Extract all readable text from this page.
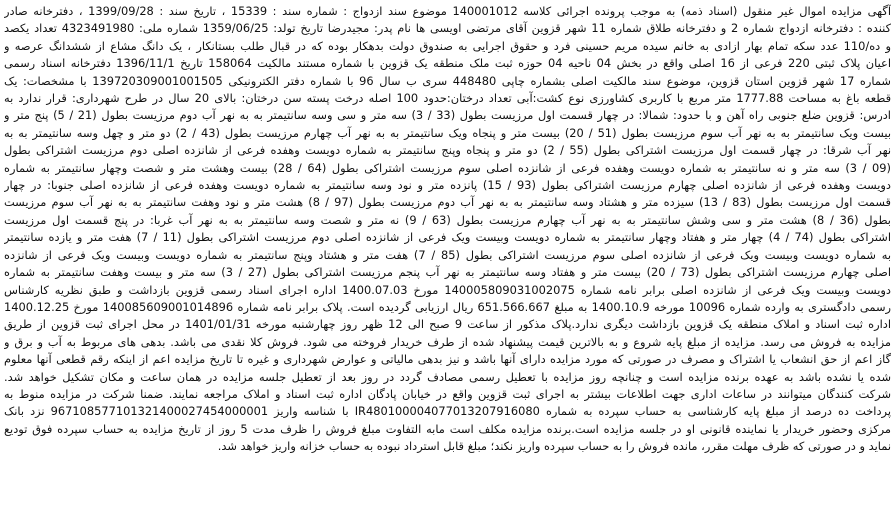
آگهی مزایده اموال غیر منقول (اسناد ذمه) به موجب پرونده اجرائی کلاسه 140001012 موضوع سند ازدواج : شماره سند : 15339 ، تاریخ سند : 1399/09/28 ، دفترخانه صادر
کننده : دفترخانه ازدواج شماره 2 و دفترخانه طلاق شماره 11 شهر قزوین آقای مرتضی اویسی ها نام پدر: مجیدرضا تاریخ تولد: 1359/06/25 شماره ملی: 4323491980 تعداد یکصد
و ده/110 عدد سکه تمام بهار ازادی به خانم سیده مریم حسینی فرد و حقوق اجرایی به صندوق دولت بدهکار بوده که در قبال طلب بستانکار ، یک دانگ مشاع از ششدانگ عرصه و
اعیان پلاک ثبتی 220 فرعی از 16 اصلی واقع در بخش 04 ناحیه 04 حوزه ثبت ملک منطقه یک قزوین با شماره مستند مالکیت 158064 تاریخ 1396/11/1 دفترخانه اسناد رسمی
شماره 17 شهر قزوین استان قزوین، موضوع سند مالکیت اصلی بشماره چاپی 448480 سری ب سال 96 با شماره دفتر الکترونیکی 139720309001001505 با مشخصات: یک
قطعه باغ به مساحت 1777.88 متر مربع با کاربری کشاورزی نوع کشت:آبی تعداد درختان:حدود 100 اصله درخت پسته سن درختان: بالای 20 سال در طرح شهرداری: قرار ندارد به
ادرس: قزوین ضلع جنوبی راه آهن و با حدود: شمالا: در چهار قسمت اول مرزیست بطول (33 / 3) سه متر و سی وسه سانتیمتر به به نهر آب دوم مرزیست بطول (21 / 5) پنج متر و
بیست ویک سانتیمتر به به نهر آب سوم مرزیست بطول (51 / 20) بیست متر و پنجاه ویک سانتیمتر به به نهر آب چهارم مرزیست بطول (43 / 2) دو متر و چهل وسه سانتیمتر به به
نهر آب شرقا: در چهار قسمت اول مرزیست اشتراکی بطول (55 / 2) دو متر و پنجاه وپنج سانتیمتر به شماره دویست وهفده فرعی از شانزده اصلی دوم مرزیست اشتراکی بطول
(09 / 3) سه متر و نه سانتیمتر به شماره دویست وهفده فرعی از شانزده اصلی سوم مرزیست اشتراکی بطول (64 / 28) بیست وهشت متر و شصت وچهار سانتیمتر به شماره
دویست وهفده فرعی از شانزده اصلی چهارم مرزیست اشتراکی بطول (93 / 15) پانزده متر و نود وسه سانتیمتر به شماره دویست وهفده فرعی از شانزده اصلی جنوبا: در چهار
قسمت اول مرزیست بطول (83 / 13) سیزده متر و هشتاد وسه سانتیمتر به به نهر آب دوم مرزیست بطول (97 / 8) هشت متر و نود وهفت سانتیمتر به به نهر آب سوم مرزیست
بطول (36 / 8) هشت متر و سی وشش سانتیمتر به به نهر آب چهارم مرزیست بطول (63 / 9) نه متر و شصت وسه سانتیمتر به به نهر آب غربا: در پنج قسمت اول مرزیست
اشتراکی بطول (74 / 4) چهار متر و هفتاد وچهار سانتیمتر به شماره دویست وبیست ویک فرعی از شانزده اصلی دوم مرزیست اشتراکی بطول (11 / 7) هفت متر و یازده سانتیمتر
به شماره دویست وبیست ویک فرعی از شانزده اصلی سوم مرزیست اشتراکی بطول (85 / 7) هفت متر و هشتاد وپنج سانتیمتر به شماره دویست وبیست ویک فرعی از شانزده
اصلی چهارم مرزیست اشتراکی بطول (73 / 20) بیست متر و هفتاد وسه سانتیمتر به نهر آب پنجم مرزیست اشتراکی بطول (27 / 3) سه متر و بیست وهفت سانتیمتر به شماره
دویست وبیست ویک فرعی از شانزده اصلی برابر نامه شماره 140005809031002075 مورخ 1400.07.03 اداره اجرای اسناد رسمی قزوین بازداشت و طبق نظریه کارشناس
رسمی دادگستری به وارده شماره 10096 مورخه 1400.10.9 به مبلغ 651.566.667 ریال ارزیابی گردیده است. پلاک برابر نامه شماره 140085609001014896 مورخ 1400.12.25
اداره ثبت اسناد و املاک منطقه یک قزوین بازداشت دیگری ندارد.پلاک مذکور از ساعت 9 صبح الی 12 ظهر روز چهارشنبه مورخه 1401/01/31 در محل اجرای ثبت قزوین از طریق
مزایده به فروش می رسد. مزایده از مبلغ پایه شروع و به بالاترین قیمت پیشنهاد شده از طرف خریدار فروخته می شود. فروش کلا نقدی می باشد. بدهی های مربوط به آب و برق و
گاز اعم از حق انشعاب یا اشتراک و مصرف در صورتی که مورد مزایده دارای آنها باشد و نیز بدهی مالیاتی و عوارض شهرداری و غیره تا تاریخ مزایده اعم از اینکه رقم قطعی آنها معلوم
شده یا نشده باشد به عهده برنده مزایده است و چنانچه روز مزایده با تعطیل رسمی مصادف گردد در روز بعد از تعطیل جلسه مزایده در همان ساعت و مکان تشکیل خواهد شد.
شرکت کنندگان میتوانند در ساعات اداری جهت اطلاعات بیشتر به اجرای ثبت قزوین واقع در خیابان پادگان اداره ثبت اسناد و املاک مراجعه نمایند. ضمنا شرکت در مزایده منوط به
پرداخت ده درصد از مبلغ پایه کارشناسی به حساب سپرده به شماره IR480100004077013207916080 با شناسه واریز 967108577101321400027454000001 نزد بانک
مرکزی وحضور خریدار یا نماینده قانونی او در جلسه مزایده است.برنده مزایده مکلف است مابه التفاوت مبلغ فروش را ظرف مدت 5 روز از تاریخ مزایده به حساب سپرده فوق تودیع
نماید و در صورتی که ظرف مهلت مقرر، مانده فروش را به حساب سپرده واریز نکند؛ مبلغ قابل استرداد نبوده به حساب خزانه واریز خواهد شد.
